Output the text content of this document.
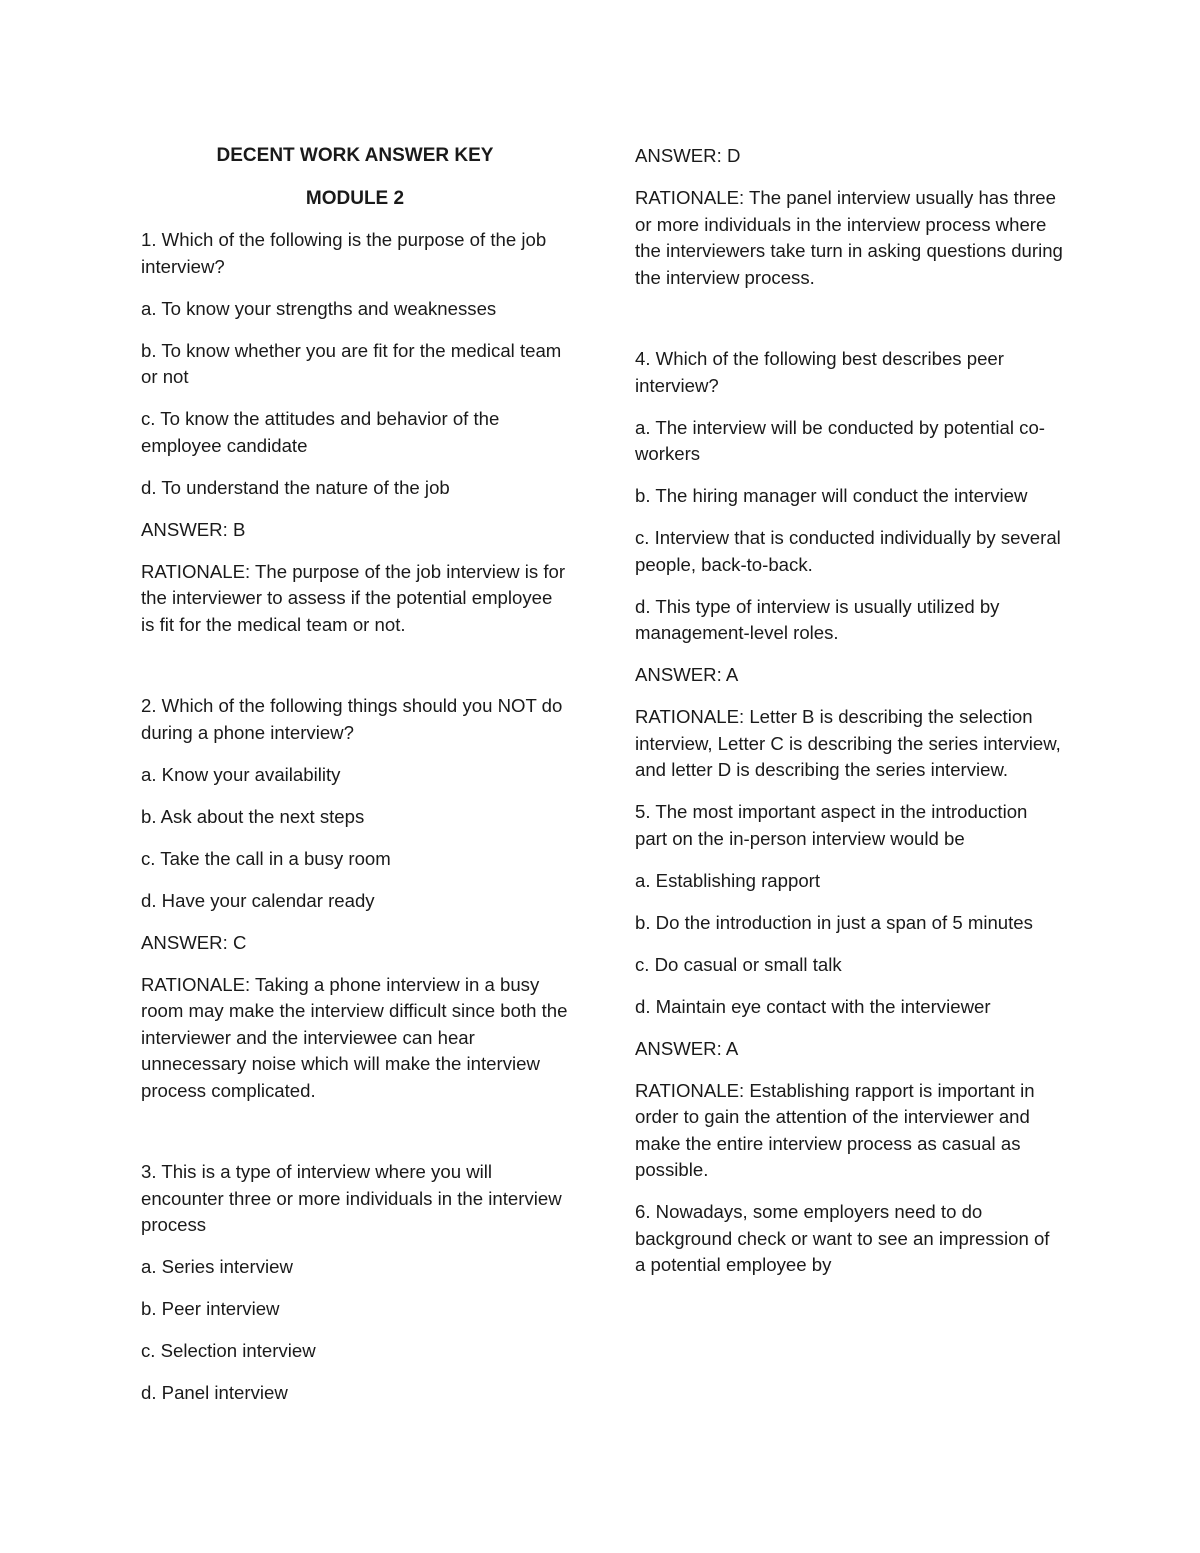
DECENT WORK ANSWER KEY
MODULE 2

1. Which of the following is the purpose of the job interview?

a. To know your strengths and weaknesses

b. To know whether you are fit for the medical team or not

c. To know the attitudes and behavior of the employee candidate

d. To understand the nature of the job

ANSWER: B

RATIONALE: The purpose of the job interview is for the interviewer to assess if the potential employee is fit for the medical team or not.

2. Which of the following things should you NOT do during a phone interview?

a. Know your availability

b. Ask about the next steps

c. Take the call in a busy room

d. Have your calendar ready

ANSWER: C

RATIONALE: Taking a phone interview in a busy room may make the interview difficult since both the interviewer and the interviewee can hear unnecessary noise which will make the interview process complicated.

3. This is a type of interview where you will encounter three or more individuals in the interview process

a. Series interview

b. Peer interview

c. Selection interview

d. Panel interview

ANSWER: D

RATIONALE: The panel interview usually has three or more individuals in the interview process where the interviewers take turn in asking questions during the interview process.

4. Which of the following best describes peer interview?

a. The interview will be conducted by potential co-workers

b. The hiring manager will conduct the interview

c. Interview that is conducted individually by several people, back-to-back.

d. This type of interview is usually utilized by management-level roles.

ANSWER: A

RATIONALE: Letter B is describing the selection interview, Letter C is describing the series interview, and letter D is describing the series interview.

5. The most important aspect in the introduction part on the in-person interview would be

a. Establishing rapport

b. Do the introduction in just a span of 5 minutes

c. Do casual or small talk

d. Maintain eye contact with the interviewer

ANSWER: A

RATIONALE: Establishing rapport is important in order to gain the attention of the interviewer and make the entire interview process as casual as possible.

6. Nowadays, some employers need to do background check or want to see an impression of a potential employee by
